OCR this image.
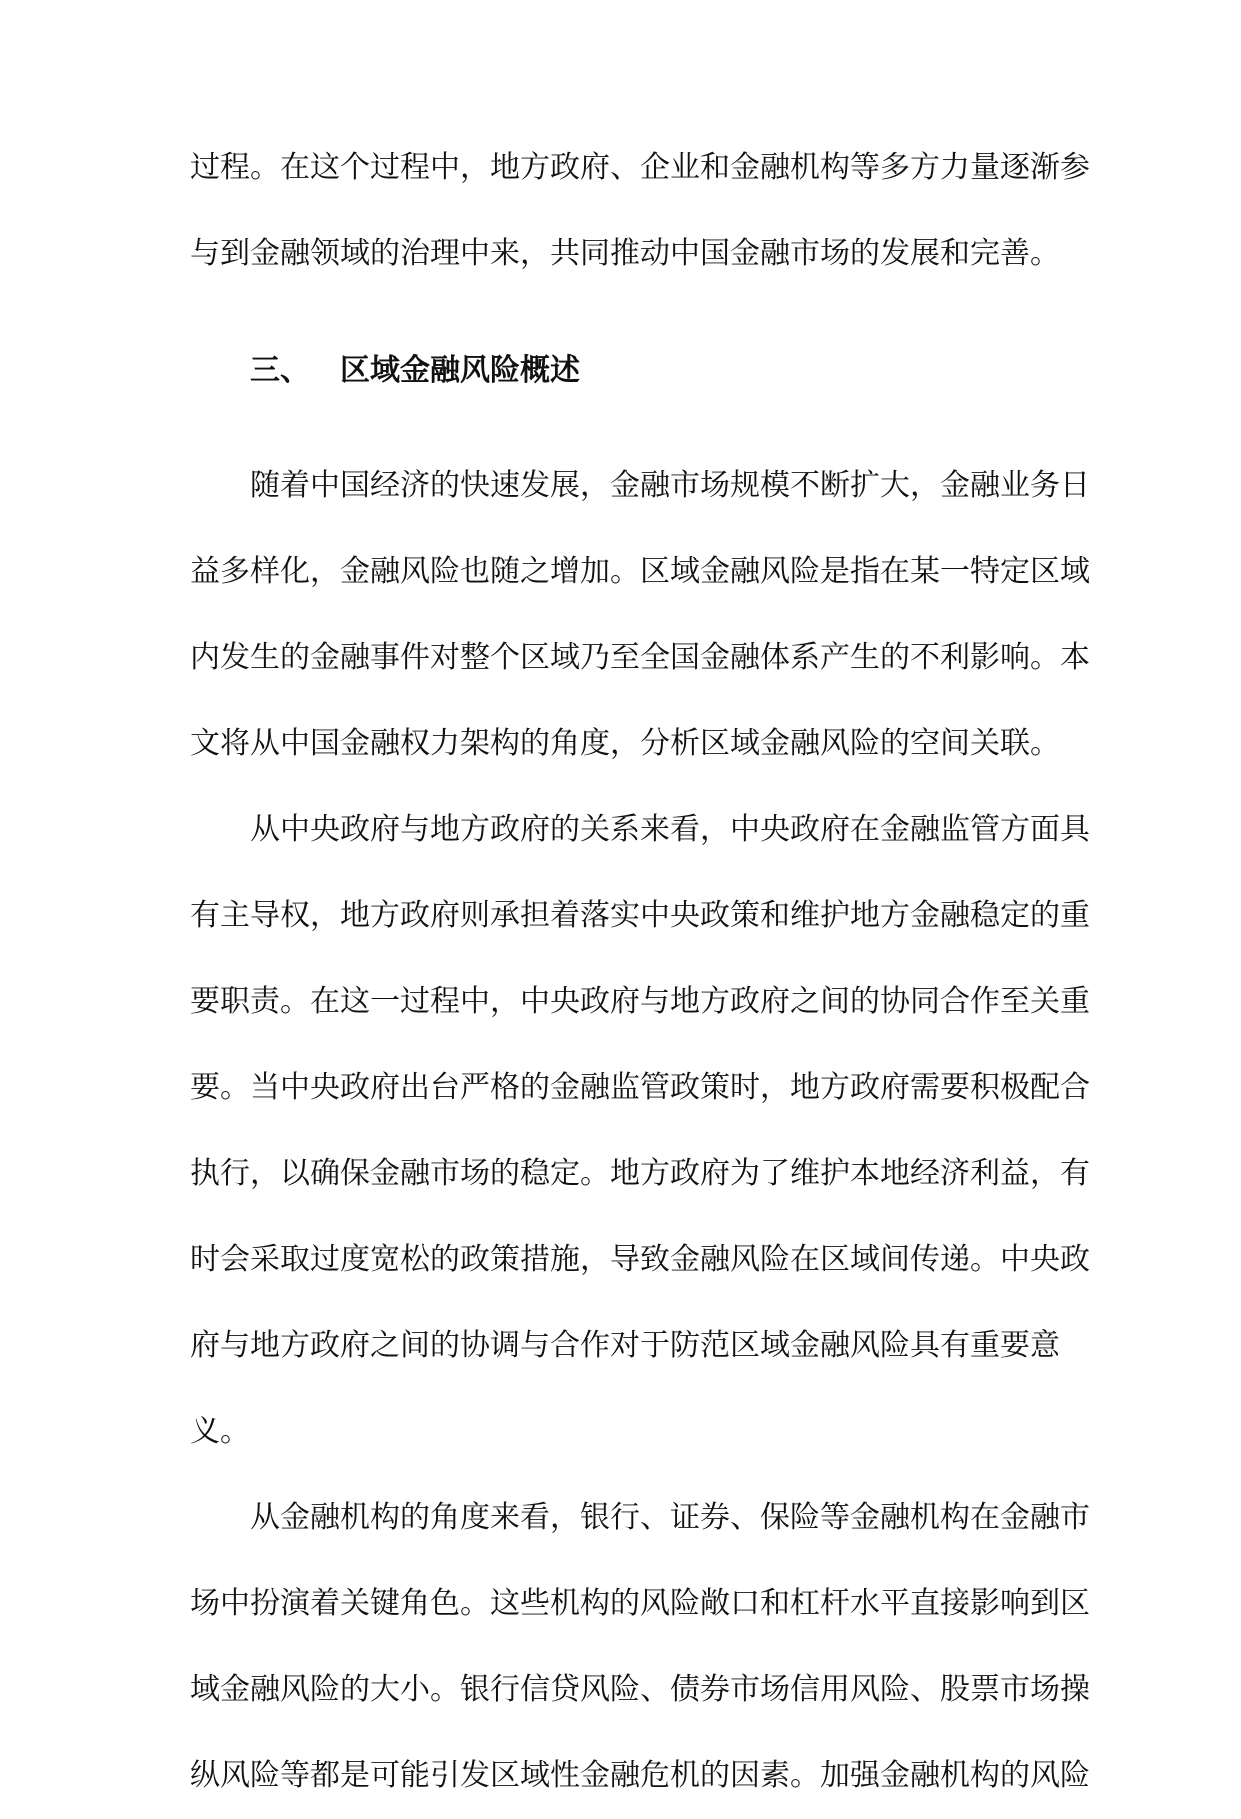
过程。在这个过程中，地方政府、企业和金融机构等多方力量逐渐参

与到金融领域的治理中来，共同推动中国金融市场的发展和完善。

三、 区域金融风险概述

随着中国经济的快速发展，金融市场规模不断扩大，金融业务日

益多样化，金融风险也随之增加。区域金融风险是指在某一特定区域

内发生的金融事件对整个区域乃至全国金融体系产生的不利影响。本

文将从中国金融权力架构的角度，分析区域金融风险的空间关联。

从中央政府与地方政府的关系来看，中央政府在金融监管方面具

有主导权，地方政府则承担着落实中央政策和维护地方金融稳定的重

要职责。在这一过程中，中央政府与地方政府之间的协同合作至关重

要。当中央政府出台严格的金融监管政策时，地方政府需要积极配合

执行，以确保金融市场的稳定。地方政府为了维护本地经济利益，有

时会采取过度宽松的政策措施，导致金融风险在区域间传递。中央政

府与地方政府之间的协调与合作对于防范区域金融风险具有重要意

义。

从金融机构的角度来看，银行、证券、保险等金融机构在金融市

场中扮演着关键角色。这些机构的风险敞口和杠杆水平直接影响到区

域金融风险的大小。银行信贷风险、债券市场信用风险、股票市场操

纵风险等都是可能引发区域性金融危机的因素。加强金融机构的风险
